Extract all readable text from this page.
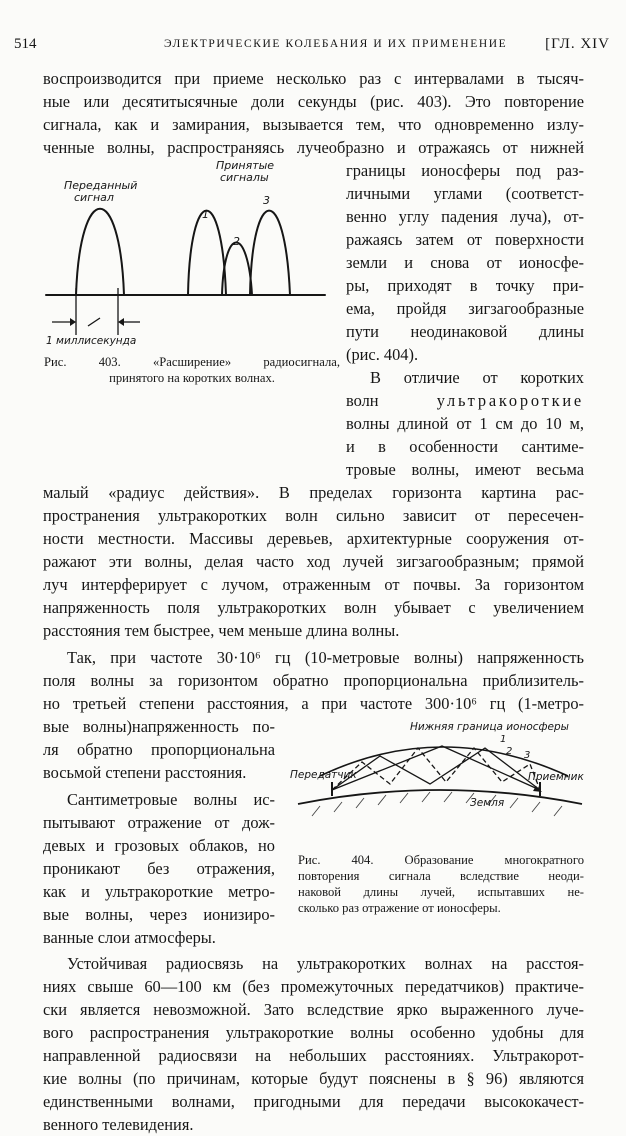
514	ЭЛЕКТРИЧЕСКИЕ КОЛЕБАНИЯ И ИХ ПРИМЕНЕНИЕ	[ГЛ. XIV
воспроизводится при приеме несколько раз с интервалами в тысяч-
ные или десятитысячные доли секунды (рис. 403). Это повторение
сигнала, как и замирания, вызывается тем, что одновременно излу-
ченные волны, распространяясь лучеобразно и отражаясь от нижней
Переданный
сигнал
Принятые
сигналы
1
2
3
1 миллисекунда
Рис. 403. «Расширение» радиосигнала,
принятого на коротких волнах.
границы ионосферы под раз-
личными углами (соответст-
венно углу падения луча), от-
ражаясь затем от поверхности
земли и снова от ионосфе-
ры, приходят в точку при-
ема, пройдя зигзагообразные
пути неодинаковой длины
(рис. 404).
В отличие от коротких
волн	ультракороткие
волны длиной от 1 см до 10 м,
и в особенности сантиме-
тровые волны, имеют весьма
малый «радиус действия». В пределах горизонта картина рас-
пространения ультракоротких волн сильно зависит от пересечен-
ности местности. Массивы деревьев, архитектурные сооружения от-
ражают эти волны, делая часто ход лучей зигзагообразным; прямой
луч интерферирует с лучом, отраженным от почвы. За горизонтом
напряженность поля ультракоротких волн убывает с увеличением
расстояния тем быстрее, чем меньше длина волны.
Так, при частоте 30·10⁶ гц (10-метровые волны) напряженность
поля волны за горизонтом обратно пропорциональна приблизитель-
но третьей степени расстояния, а при частоте 300·10⁶ гц (1-метро-
вые волны)напряженность по-
ля обратно пропорциональна
восьмой степени расстояния.
Сантиметровые волны ис-
пытывают отражение от дож-
девых и грозовых облаков, но
проникают без отражения,
как и ультракороткие метро-
вые волны, через ионизиро-
ванные слои атмосферы.
Нижняя граница ионосферы
Передатчик	Приемник
Земля
1
2 3
Рис. 404. Образование многократного
повторения сигнала вследствие неоди-
наковой длины лучей, испытавших не-
сколько раз отражение от ионосферы.
Устойчивая радиосвязь на ультракоротких волнах на расстоя-
ниях свыше 60—100 км (без промежуточных передатчиков) практиче-
ски является невозможной. Зато вследствие ярко выраженного луче-
вого распространения ультракороткие волны особенно удобны для
направленной радиосвязи на небольших расстояниях. Ультракорот-
кие волны (по причинам, которые будут пояснены в § 96) являются
единственными волнами, пригодными для передачи высококачест-
венного телевидения.
